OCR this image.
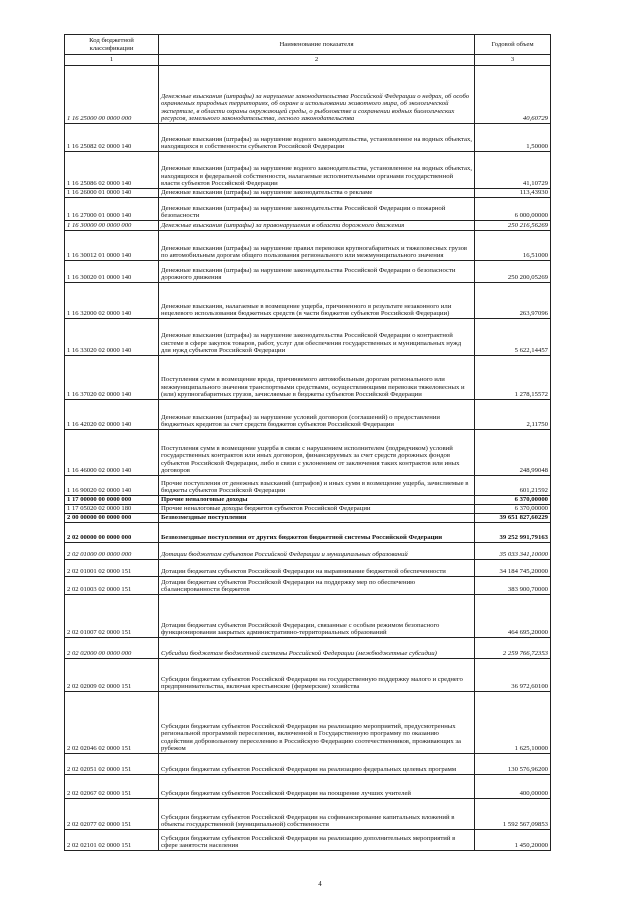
Код бюджетной классификации	Наименование показателя	Годовой объем
1	2	3
1 16 25000 00 0000 000	Денежные взыскания (штрафы) за нарушение законодательства Российской Федерации о недрах, об особо охраняемых природных территориях, об охране и использовании животного мира, об экологической экспертизе, в области охраны окружающей среды, о рыболовстве и сохранении водных биологических ресурсов, земельного законодательства, лесного законодательства	40,60729
1 16 25082 02 0000 140	Денежные взыскания (штрафы) за нарушение водного законодательства, установленное на водных объектах, находящихся в собственности субъектов Российской Федерации	1,50000
1 16 25086 02 0000 140	Денежные взыскания (штрафы) за нарушение водного законодательства, установленное на водных объектах, находящихся в федеральной собственности, налагаемые исполнительными органами государственной власти субъектов Российской Федерации	41,10729
1 16 26000 01 0000 140	Денежные взыскания (штрафы) за нарушение законодательства о рекламе	113,43930
1 16 27000 01 0000 140	Денежные взыскания (штрафы) за нарушение законодательства Российской Федерации о пожарной безопасности	6 000,00000
1 16 30000 00 0000 000	Денежные взыскания (штрафы) за правонарушения в области дорожного движения	250 216,56269
1 16 30012 01 0000 140	Денежные взыскания (штрафы) за нарушение правил перевозки крупногабаритных и тяжеловесных грузов по автомобильным дорогам общего пользования регионального или межмуниципального значения	16,51000
1 16 30020 01 0000 140	Денежные взыскания (штрафы) за нарушение законодательства Российской Федерации о безопасности дорожного движения	250 200,05269
1 16 32000 02 0000 140	Денежные взыскания, налагаемые в возмещение ущерба, причиненного в результате незаконного или нецелевого использования бюджетных средств (в части бюджетов субъектов Российской Федерации)	263,97096
1 16 33020 02 0000 140	Денежные взыскания (штрафы) за нарушение законодательства Российской Федерации о контрактной системе в сфере закупок товаров, работ, услуг для обеспечения государственных и муниципальных нужд для нужд субъектов Российской Федерации	5 622,14457
1 16 37020 02 0000 140	Поступления сумм в возмещение вреда, причиняемого автомобильным дорогам регионального или межмуниципального значения транспортными средствами, осуществляющими перевозки тяжеловесных и (или) крупногабаритных грузов, зачисляемые в бюджеты субъектов Российской Федерации	1 278,15572
1 16 42020 02 0000 140	Денежные взыскания (штрафы) за нарушение условий договоров (соглашений) о предоставлении бюджетных кредитов за счет средств бюджетов субъектов Российской Федерации	2,11750
1 16 46000 02 0000 140	Поступления сумм в возмещение ущерба в связи с нарушением исполнителем (подрядчиком) условий государственных контрактов или иных договоров, финансируемых за счет средств дорожных фондов субъектов Российской Федерации, либо в связи с уклонением от заключения таких контрактов или иных договоров	248,99048
1 16 90020 02 0000 140	Прочие поступления от денежных взысканий (штрафов) и иных сумм в возмещение ущерба, зачисляемые в бюджеты субъектов Российской Федерации	601,21592
1 17 00000 00 0000 000	Прочие неналоговые доходы	6 370,00000
1 17 05020 02 0000 180	Прочие неналоговые доходы бюджетов субъектов Российской Федерации	6 370,00000
2 00 00000 00 0000 000	Безвозмездные поступления	39 651 827,60229
2 02 00000 00 0000 000	Безвозмездные поступления от других бюджетов бюджетной системы Российской Федерации	39 252 991,79163
2 02 01000 00 0000 000	Дотации бюджетам субъектов Российской Федерации и муниципальных образований	35 033 341,10000
2 02 01001 02 0000 151	Дотации бюджетам субъектов Российской Федерации на выравнивание бюджетной обеспеченности	34 184 745,20000
2 02 01003 02 0000 151	Дотации бюджетам субъектов Российской Федерации на поддержку мер по обеспечению сбалансированности бюджетов	383 900,70000
2 02 01007 02 0000 151	Дотации бюджетам субъектов Российской Федерации, связанные с особым режимом безопасного функционирования закрытых административно-территориальных образований	464 695,20000
2 02 02000 00 0000 000	Субсидии бюджетам бюджетной системы Российской Федерации (межбюджетные субсидии)	2 259 766,72353
2 02 02009 02 0000 151	Субсидии бюджетам субъектов Российской Федерации на государственную поддержку малого и среднего предпринимательства, включая крестьянские (фермерские) хозяйства	36 972,60100
2 02 02046 02 0000 151	Субсидии бюджетам субъектов Российской Федерации на реализацию мероприятий, предусмотренных региональной программой переселения, включенной в Государственную программу по оказанию содействия добровольному переселению в Российскую Федерацию соотечественников, проживающих за рубежом	1 625,10000
2 02 02051 02 0000 151	Субсидии бюджетам субъектов Российской Федерации на реализацию федеральных целевых программ	130 576,96200
2 02 02067 02 0000 151	Субсидии бюджетам субъектов Российской Федерации на поощрение лучших учителей	400,00000
2 02 02077 02 0000 151	Субсидии бюджетам субъектов Российской Федерации на софинансирование капитальных вложений в объекты государственной (муниципальной) собственности	1 592 567,09853
2 02 02101 02 0000 151	Субсидии бюджетам субъектов Российской Федерации на реализацию дополнительных мероприятий в сфере занятости населения	1 450,20000
4
